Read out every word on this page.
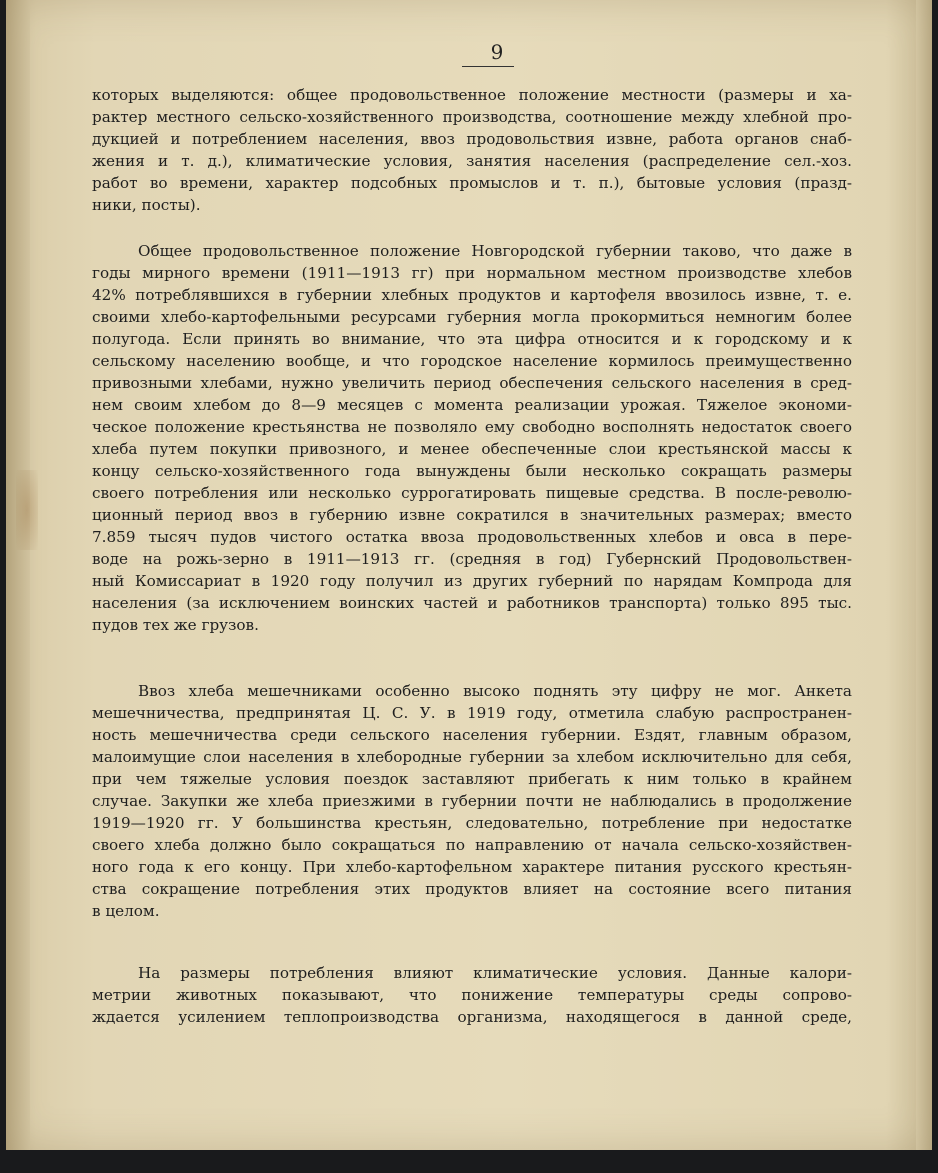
9
которых выделяются: общее продовольственное положение местности (размеры и ха-
рактер местного сельско-хозяйственного производства, соотношение между хлебной про-
дукцией и потреблением населения, ввоз продовольствия извне, работа органов снаб-
жения и т. д.), климатические условия, занятия населения (распределение сел.-хоз.
работ во времени, характер подсобных промыслов и т. п.), бытовые условия (празд-
ники, посты).
Общее продовольственное положение Новгородской губернии таково, что даже в
годы мирного времени (1911—1913 гг) при нормальном местном производстве хлебов
42% потреблявшихся в губернии хлебных продуктов и картофеля ввозилось извне, т. е.
своими хлебо-картофельными ресурсами губерния могла прокормиться немногим более
полугода. Если принять во внимание, что эта цифра относится и к городскому и к
сельскому населению вообще, и что городское население кормилось преимущественно
привозными хлебами, нужно увеличить период обеспечения сельского населения в сред-
нем своим хлебом до 8—9 месяцев с момента реализации урожая. Тяжелое экономи-
ческое положение крестьянства не позволяло ему свободно восполнять недостаток своего
хлеба путем покупки привозного, и менее обеспеченные слои крестьянской массы к
концу сельско-хозяйственного года вынуждены были несколько сокращать размеры
своего потребления или несколько суррогатировать пищевые средства. В после-револю-
ционный период ввоз в губернию извне сократился в значительных размерах; вместо
7.859 тысяч пудов чистого остатка ввоза продовольственных хлебов и овса в пере-
воде на рожь-зерно в 1911—1913 гг. (средняя в год) Губернский Продовольствен-
ный Комиссариат в 1920 году получил из других губерний по нарядам Компрода для
населения (за исключением воинских частей и работников транспорта) только 895 тыс.
пудов тех же грузов.
Ввоз хлеба мешечниками особенно высоко поднять эту цифру не мог. Анкета
мешечничества, предпринятая Ц. С. У. в 1919 году, отметила слабую распространен-
ность мешечничества среди сельского населения губернии. Ездят, главным образом,
малоимущие слои населения в хлебородные губернии за хлебом исключительно для себя,
при чем тяжелые условия поездок заставляют прибегать к ним только в крайнем
случае. Закупки же хлеба приезжими в губернии почти не наблюдались в продолжение
1919—1920 гг. У большинства крестьян, следовательно, потребление при недостатке
своего хлеба должно было сокращаться по направлению от начала сельско-хозяйствен-
ного года к его концу. При хлебо-картофельном характере питания русского крестьян-
ства сокращение потребления этих продуктов влияет на состояние всего питания
в целом.
На размеры потребления влияют климатические условия. Данные калори-
метрии животных показывают, что понижение температуры среды сопрово-
ждается усилением теплопроизводства организма, находящегося в данной среде,
